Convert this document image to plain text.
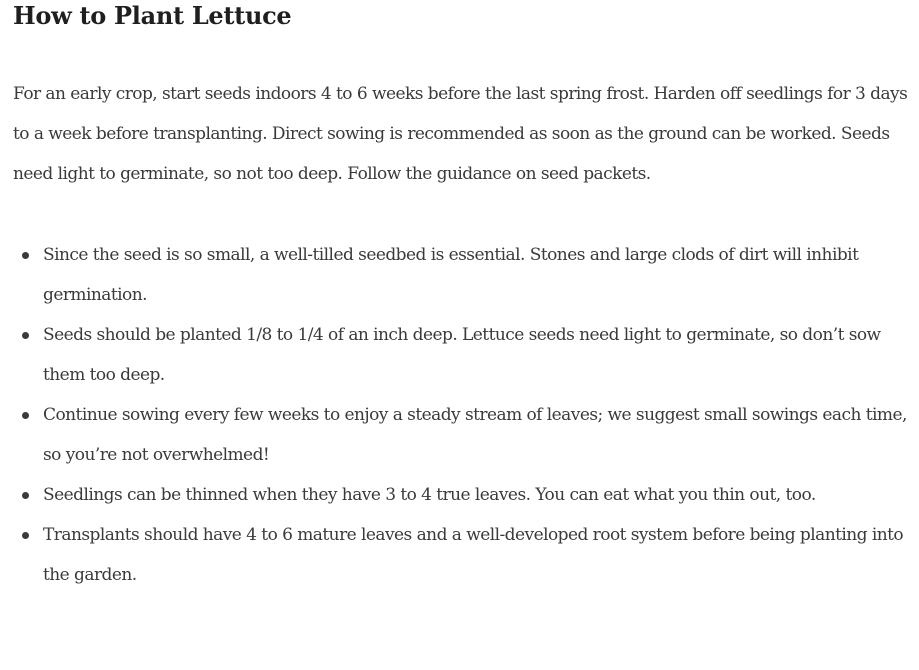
How to Plant Lettuce

For an early crop, start seeds indoors 4 to 6 weeks before the last spring frost. Harden off seedlings for 3 days to a week before transplanting. Direct sowing is recommended as soon as the ground can be worked. Seeds need light to germinate, so not too deep. Follow the guidance on seed packets.

Since the seed is so small, a well-tilled seedbed is essential. Stones and large clods of dirt will inhibit germination.
Seeds should be planted 1/8 to 1/4 of an inch deep. Lettuce seeds need light to germinate, so don’t sow them too deep.
Continue sowing every few weeks to enjoy a steady stream of leaves; we suggest small sowings each time, so you’re not overwhelmed!
Seedlings can be thinned when they have 3 to 4 true leaves. You can eat what you thin out, too.
Transplants should have 4 to 6 mature leaves and a well-developed root system before being planting into the garden.
